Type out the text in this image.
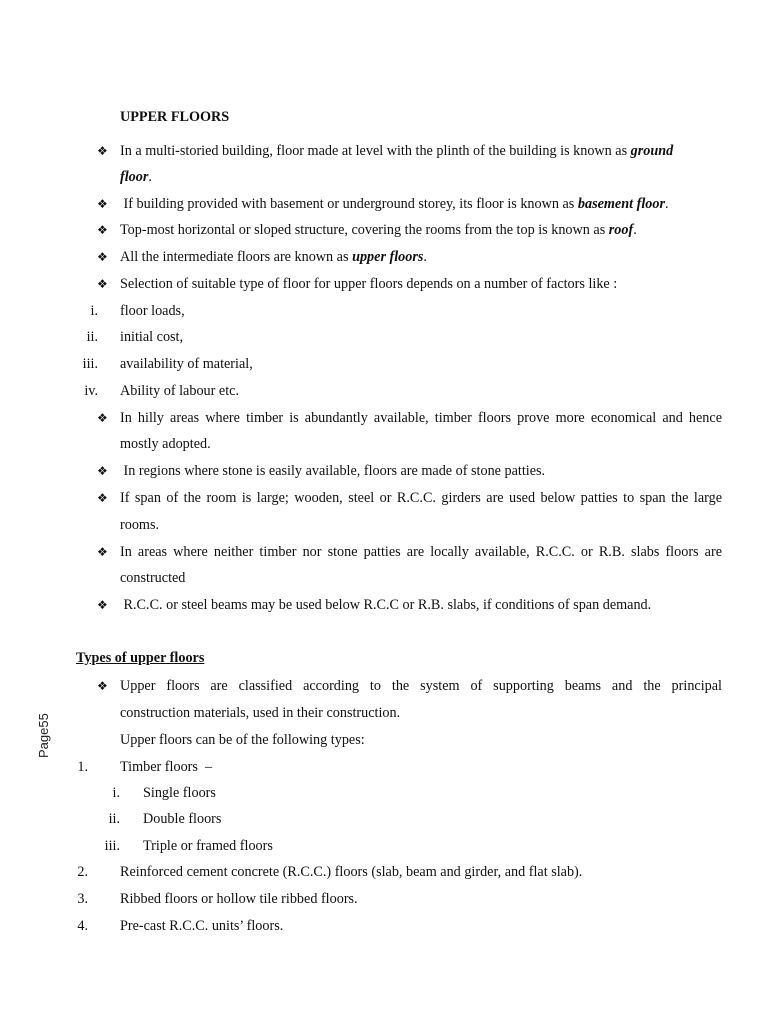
Page55
UPPER FLOORS
❖ In a multi-storied building, floor made at level with the plinth of the building is known as ground
floor.
❖ If building provided with basement or underground storey, its floor is known as basement floor.
❖ Top-most horizontal or sloped structure, covering the rooms from the top is known as roof.
❖ All the intermediate floors are known as upper floors.
❖ Selection of suitable type of floor for upper floors depends on a number of factors like :
i. floor loads,
ii. initial cost,
iii. availability of material,
iv. Ability of labour etc.
❖ In hilly areas where timber is abundantly available, timber floors prove more economical and hence
mostly adopted.
❖ In regions where stone is easily available, floors are made of stone patties.
❖ If span of the room is large; wooden, steel or R.C.C. girders are used below patties to span the large
rooms.
❖ In areas where neither timber nor stone patties are locally available, R.C.C. or R.B. slabs floors are
constructed
❖ R.C.C. or steel beams may be used below R.C.C or R.B. slabs, if conditions of span demand.
Types of upper floors
❖ Upper floors are classified according to the system of supporting beams and the principal
construction materials, used in their construction.
Upper floors can be of the following types:
1. Timber floors  –
i. Single floors
ii. Double floors
iii. Triple or framed floors
2. Reinforced cement concrete (R.C.C.) floors (slab, beam and girder, and flat slab).
3. Ribbed floors or hollow tile ribbed floors.
4. Pre-cast R.C.C. units’ floors.
